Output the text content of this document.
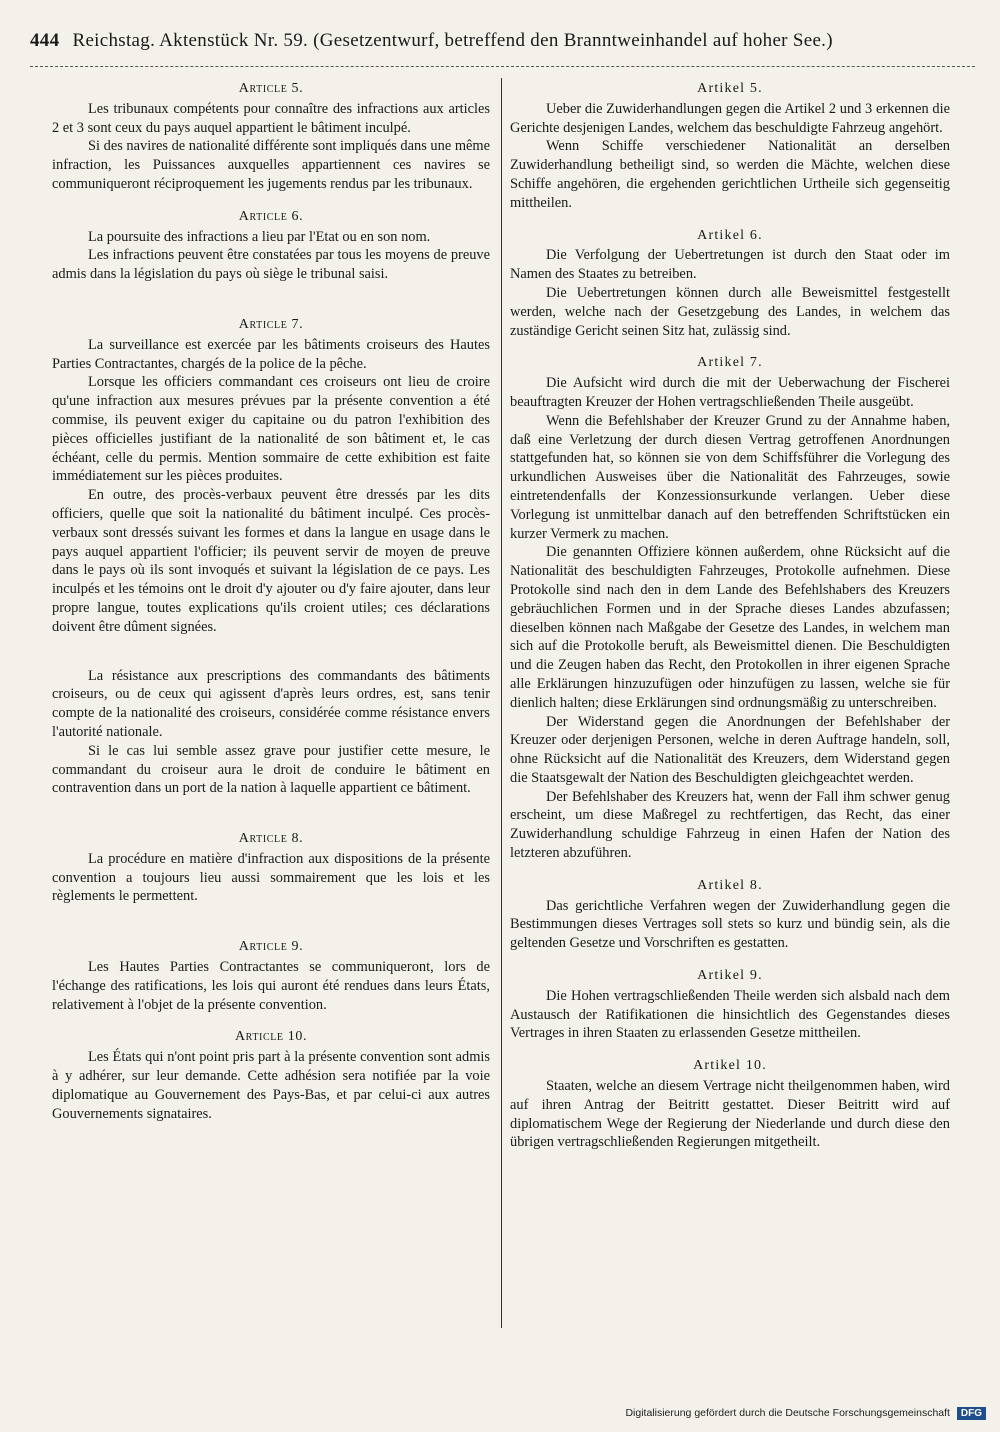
444 Reichstag. Aktenstück Nr. 59. (Gesetzentwurf, betreffend den Branntweinhandel auf hoher See.)
Article 5.

Les tribunaux compétents pour connaître des infractions aux articles 2 et 3 sont ceux du pays auquel appartient le bâtiment inculpé.

Si des navires de nationalité différente sont impliqués dans une même infraction, les Puissances auxquelles appartiennent ces navires se communiqueront réciproquement les jugements rendus par les tribunaux.

Article 6.

La poursuite des infractions a lieu par l'Etat ou en son nom.

Les infractions peuvent être constatées par tous les moyens de preuve admis dans la législation du pays où siège le tribunal saisi.

Article 7.

La surveillance est exercée par les bâtiments croiseurs des Hautes Parties Contractantes, chargés de la police de la pêche.

Lorsque les officiers commandant ces croiseurs ont lieu de croire qu'une infraction aux mesures prévues par la présente convention a été commise, ils peuvent exiger du capitaine ou du patron l'exhibition des pièces officielles justifiant de la nationalité de son bâtiment et, le cas échéant, celle du permis. Mention sommaire de cette exhibition est faite immédiatement sur les pièces produites.

En outre, des procès-verbaux peuvent être dressés par les dits officiers, quelle que soit la nationalité du bâtiment inculpé. Ces procès-verbaux sont dressés suivant les formes et dans la langue en usage dans le pays auquel appartient l'officier; ils peuvent servir de moyen de preuve dans le pays où ils sont invoqués et suivant la législation de ce pays. Les inculpés et les témoins ont le droit d'y ajouter ou d'y faire ajouter, dans leur propre langue, toutes explications qu'ils croient utiles; ces déclarations doivent être dûment signées.

La résistance aux prescriptions des commandants des bâtiments croiseurs, ou de ceux qui agissent d'après leurs ordres, est, sans tenir compte de la nationalité des croiseurs, considérée comme résistance envers l'autorité nationale.

Si le cas lui semble assez grave pour justifier cette mesure, le commandant du croiseur aura le droit de conduire le bâtiment en contravention dans un port de la nation à laquelle appartient ce bâtiment.

Article 8.

La procédure en matière d'infraction aux dispositions de la présente convention a toujours lieu aussi sommairement que les lois et les règlements le permettent.

Article 9.

Les Hautes Parties Contractantes se communiqueront, lors de l'échange des ratifications, les lois qui auront été rendues dans leurs États, relativement à l'objet de la présente convention.

Article 10.

Les États qui n'ont point pris part à la présente convention sont admis à y adhérer, sur leur demande. Cette adhésion sera notifiée par la voie diplomatique au Gouvernement des Pays-Bas, et par celui-ci aux autres Gouvernements signataires.

Artikel 5.

Ueber die Zuwiderhandlungen gegen die Artikel 2 und 3 erkennen die Gerichte desjenigen Landes, welchem das beschuldigte Fahrzeug angehört.

Wenn Schiffe verschiedener Nationalität an derselben Zuwiderhandlung betheiligt sind, so werden die Mächte, welchen diese Schiffe angehören, die ergehenden gerichtlichen Urtheile sich gegenseitig mittheilen.

Artikel 6.

Die Verfolgung der Uebertretungen ist durch den Staat oder im Namen des Staates zu betreiben.

Die Uebertretungen können durch alle Beweismittel festgestellt werden, welche nach der Gesetzgebung des Landes, in welchem das zuständige Gericht seinen Sitz hat, zulässig sind.

Artikel 7.

Die Aufsicht wird durch die mit der Ueberwachung der Fischerei beauftragten Kreuzer der Hohen vertragschließenden Theile ausgeübt.

Wenn die Befehlshaber der Kreuzer Grund zu der Annahme haben, daß eine Verletzung der durch diesen Vertrag getroffenen Anordnungen stattgefunden hat, so können sie von dem Schiffsführer die Vorlegung des urkundlichen Ausweises über die Nationalität des Fahrzeuges, sowie eintretendenfalls der Konzessionsurkunde verlangen. Ueber diese Vorlegung ist unmittelbar danach auf den betreffenden Schriftstücken ein kurzer Vermerk zu machen.

Die genannten Offiziere können außerdem, ohne Rücksicht auf die Nationalität des beschuldigten Fahrzeuges, Protokolle aufnehmen. Diese Protokolle sind nach den in dem Lande des Befehlshabers des Kreuzers gebräuchlichen Formen und in der Sprache dieses Landes abzufassen; dieselben können nach Maßgabe der Gesetze des Landes, in welchem man sich auf die Protokolle beruft, als Beweismittel dienen. Die Beschuldigten und die Zeugen haben das Recht, den Protokollen in ihrer eigenen Sprache alle Erklärungen hinzuzufügen oder hinzufügen zu lassen, welche sie für dienlich halten; diese Erklärungen sind ordnungsmäßig zu unterschreiben.

Der Widerstand gegen die Anordnungen der Befehlshaber der Kreuzer oder derjenigen Personen, welche in deren Auftrage handeln, soll, ohne Rücksicht auf die Nationalität des Kreuzers, dem Widerstand gegen die Staatsgewalt der Nation des Beschuldigten gleichgeachtet werden.

Der Befehlshaber des Kreuzers hat, wenn der Fall ihm schwer genug erscheint, um diese Maßregel zu rechtfertigen, das Recht, das einer Zuwiderhandlung schuldige Fahrzeug in einen Hafen der Nation des letzteren abzuführen.

Artikel 8.

Das gerichtliche Verfahren wegen der Zuwiderhandlung gegen die Bestimmungen dieses Vertrages soll stets so kurz und bündig sein, als die geltenden Gesetze und Vorschriften es gestatten.

Artikel 9.

Die Hohen vertragschließenden Theile werden sich alsbald nach dem Austausch der Ratifikationen die hinsichtlich des Gegenstandes dieses Vertrages in ihren Staaten zu erlassenden Gesetze mittheilen.

Artikel 10.

Staaten, welche an diesem Vertrage nicht theilgenommen haben, wird auf ihren Antrag der Beitritt gestattet. Dieser Beitritt wird auf diplomatischem Wege der Regierung der Niederlande und durch diese den übrigen vertragschließenden Regierungen mitgetheilt.

Digitalisierung gefördert durch die Deutsche Forschungsgemeinschaft DFG
